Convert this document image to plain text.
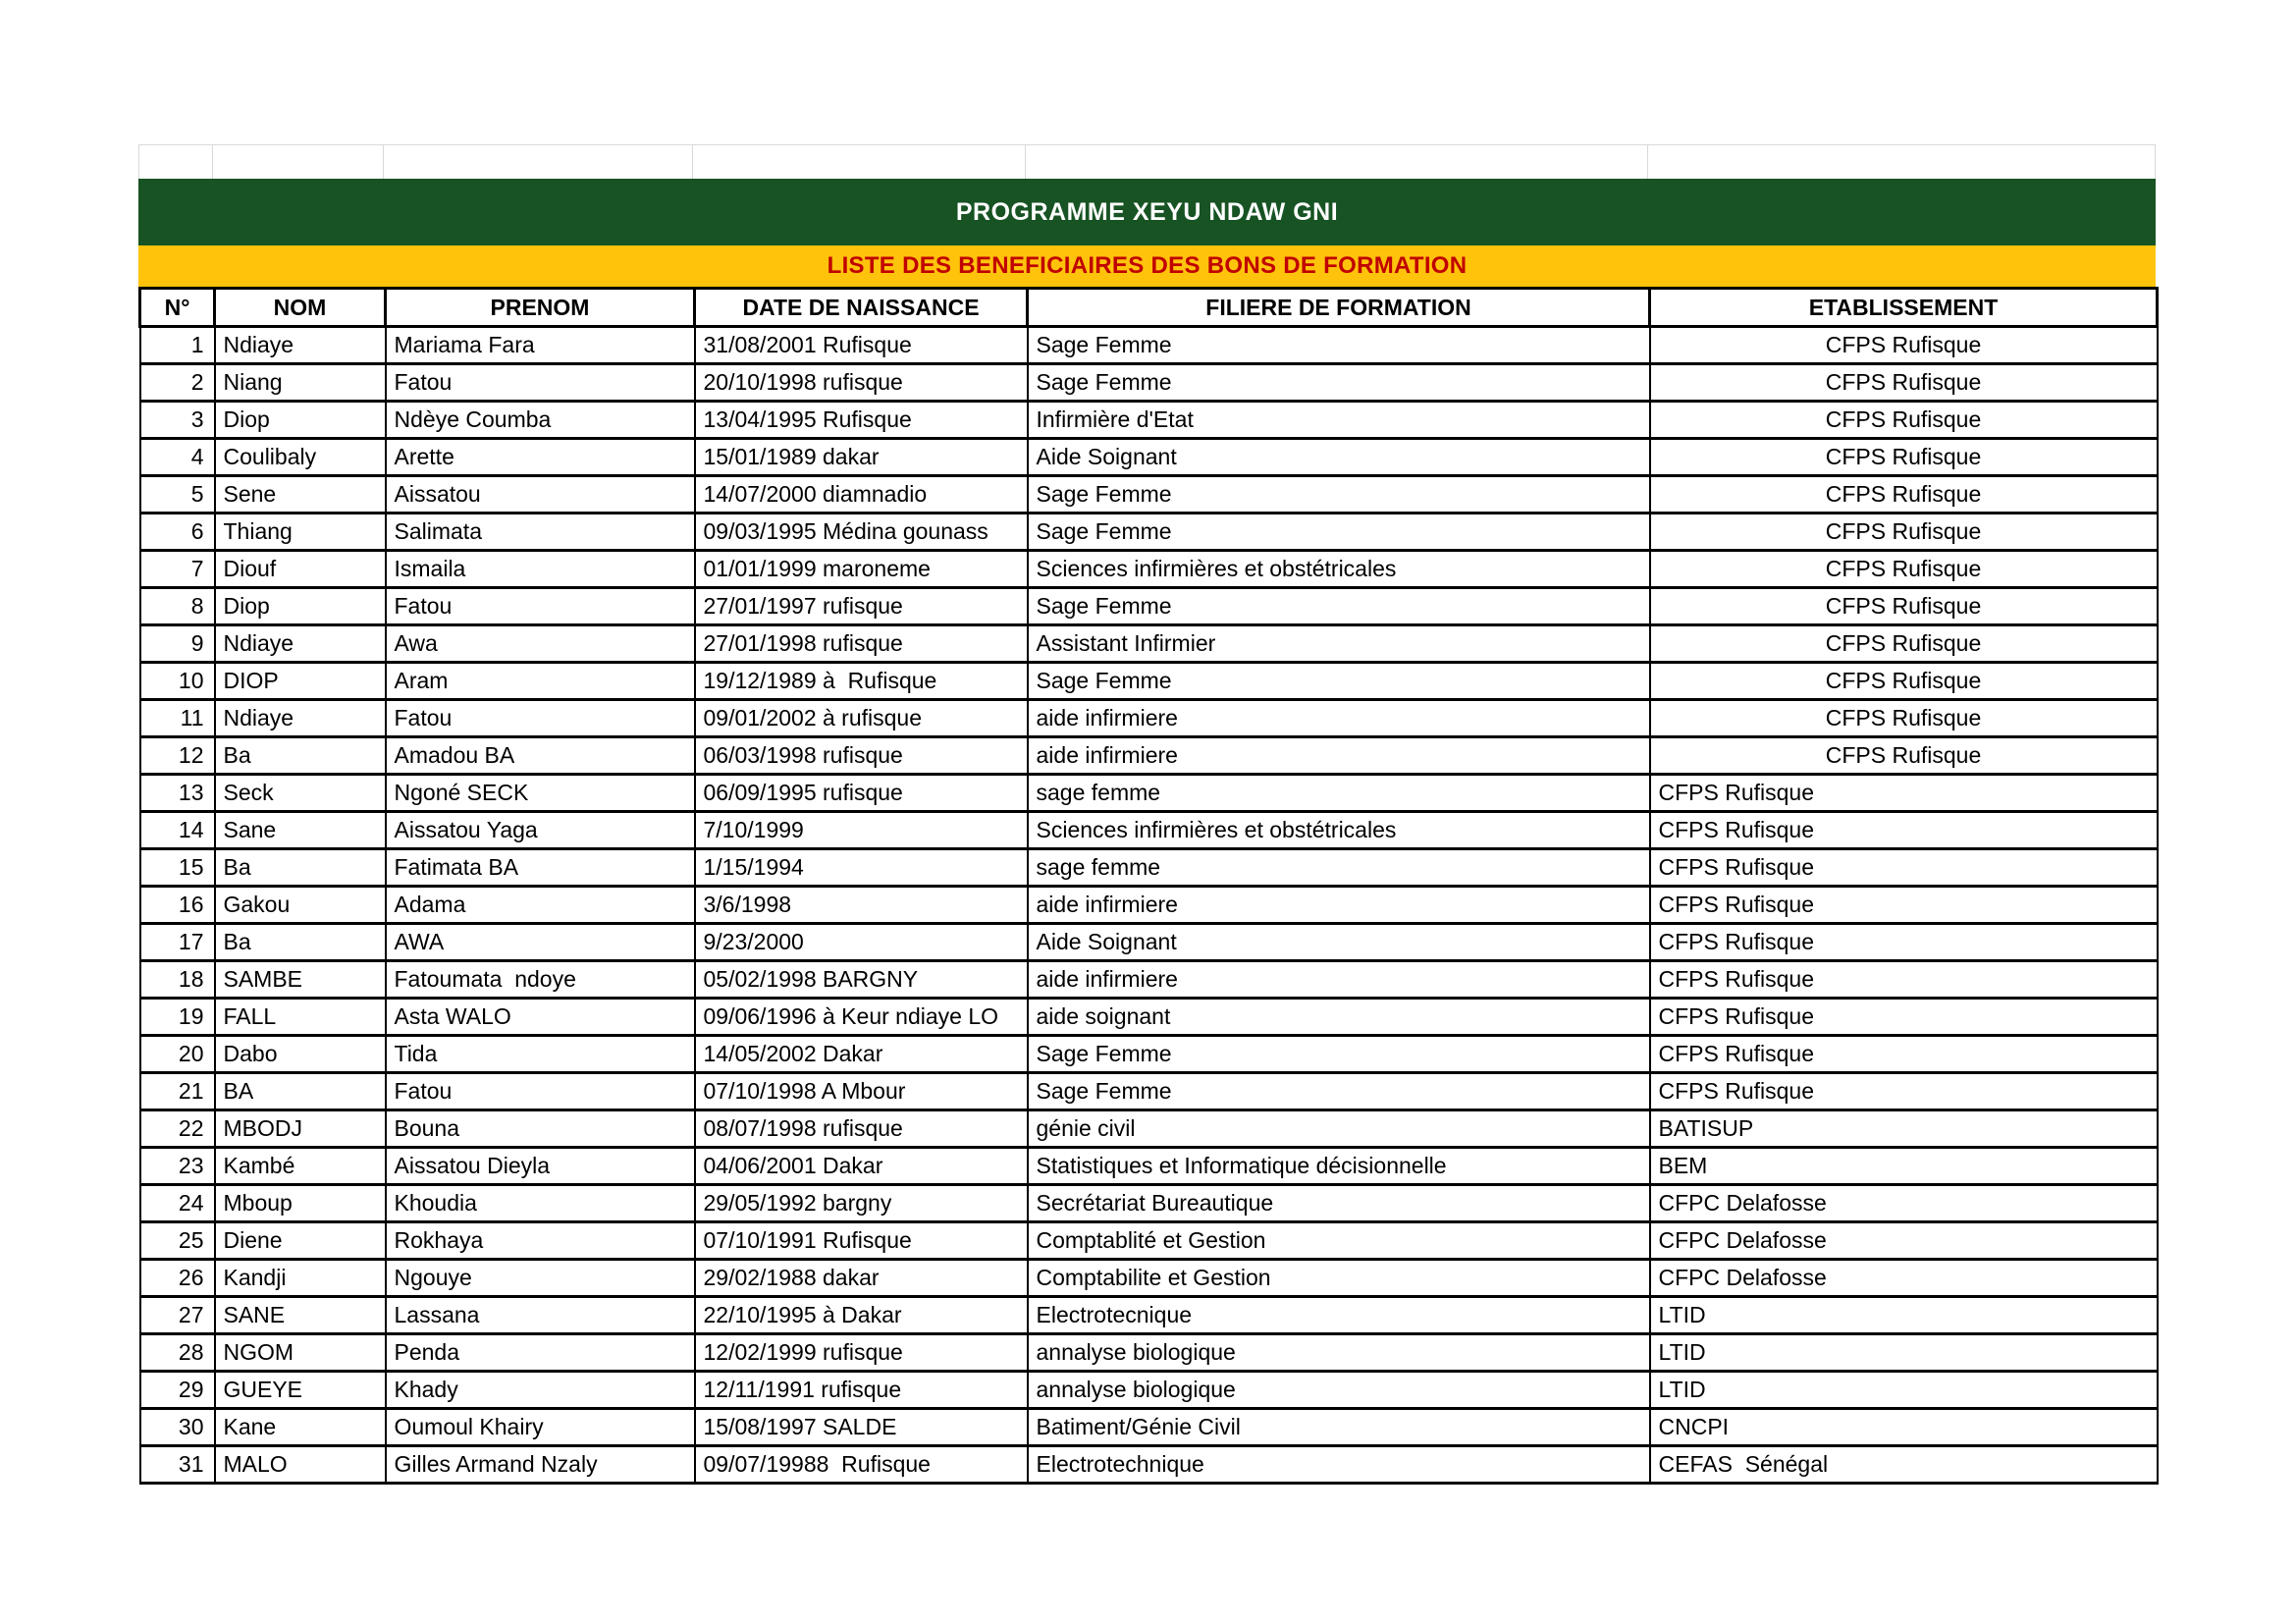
PROGRAMME XEYU NDAW GNI
LISTE DES BENEFICIAIRES DES BONS DE FORMATION
N°	NOM	PRENOM	DATE DE NAISSANCE	FILIERE DE FORMATION	ETABLISSEMENT
1	Ndiaye	Mariama Fara	31/08/2001 Rufisque	Sage Femme	CFPS Rufisque
2	Niang	Fatou	20/10/1998 rufisque	Sage Femme	CFPS Rufisque
3	Diop	Ndèye Coumba	13/04/1995 Rufisque	Infirmière d'Etat	CFPS Rufisque
4	Coulibaly	Arette	15/01/1989 dakar	Aide Soignant	CFPS Rufisque
5	Sene	Aissatou	14/07/2000 diamnadio	Sage Femme	CFPS Rufisque
6	Thiang	Salimata	09/03/1995 Médina gounass	Sage Femme	CFPS Rufisque
7	Diouf	Ismaila	01/01/1999 maroneme	Sciences infirmières et obstétricales	CFPS Rufisque
8	Diop	Fatou	27/01/1997 rufisque	Sage Femme	CFPS Rufisque
9	Ndiaye	Awa	27/01/1998 rufisque	Assistant Infirmier	CFPS Rufisque
10	DIOP	Aram	19/12/1989 à  Rufisque	Sage Femme	CFPS Rufisque
11	Ndiaye	Fatou	09/01/2002 à rufisque	aide infirmiere	CFPS Rufisque
12	Ba	Amadou BA	06/03/1998 rufisque	aide infirmiere	CFPS Rufisque
13	Seck	Ngoné SECK	06/09/1995 rufisque	sage femme	CFPS Rufisque
14	Sane	Aissatou Yaga	7/10/1999	Sciences infirmières et obstétricales	CFPS Rufisque
15	Ba	Fatimata BA	1/15/1994	sage femme	CFPS Rufisque
16	Gakou	Adama	3/6/1998	aide infirmiere	CFPS Rufisque
17	Ba	AWA	9/23/2000	Aide Soignant	CFPS Rufisque
18	SAMBE	Fatoumata  ndoye	05/02/1998 BARGNY	aide infirmiere	CFPS Rufisque
19	FALL	Asta WALO	09/06/1996 à Keur ndiaye LO	aide soignant	CFPS Rufisque
20	Dabo	Tida	14/05/2002 Dakar	Sage Femme	CFPS Rufisque
21	BA	Fatou	07/10/1998 A Mbour	Sage Femme	CFPS Rufisque
22	MBODJ	Bouna	08/07/1998 rufisque	génie civil	BATISUP
23	Kambé	Aissatou Dieyla	04/06/2001 Dakar	Statistiques et Informatique décisionnelle	BEM
24	Mboup	Khoudia	29/05/1992 bargny	Secrétariat Bureautique	CFPC Delafosse
25	Diene	Rokhaya	07/10/1991 Rufisque	Comptablité et Gestion	CFPC Delafosse
26	Kandji	Ngouye	29/02/1988 dakar	Comptabilite et Gestion	CFPC Delafosse
27	SANE	Lassana	22/10/1995 à Dakar	Electrotecnique	LTID
28	NGOM	Penda	12/02/1999 rufisque	annalyse biologique	LTID
29	GUEYE	Khady	12/11/1991 rufisque	annalyse biologique	LTID
30	Kane	Oumoul Khairy	15/08/1997 SALDE	Batiment/Génie Civil	CNCPI
31	MALO	Gilles Armand Nzaly	09/07/19988  Rufisque	Electrotechnique	CEFAS  Sénégal
